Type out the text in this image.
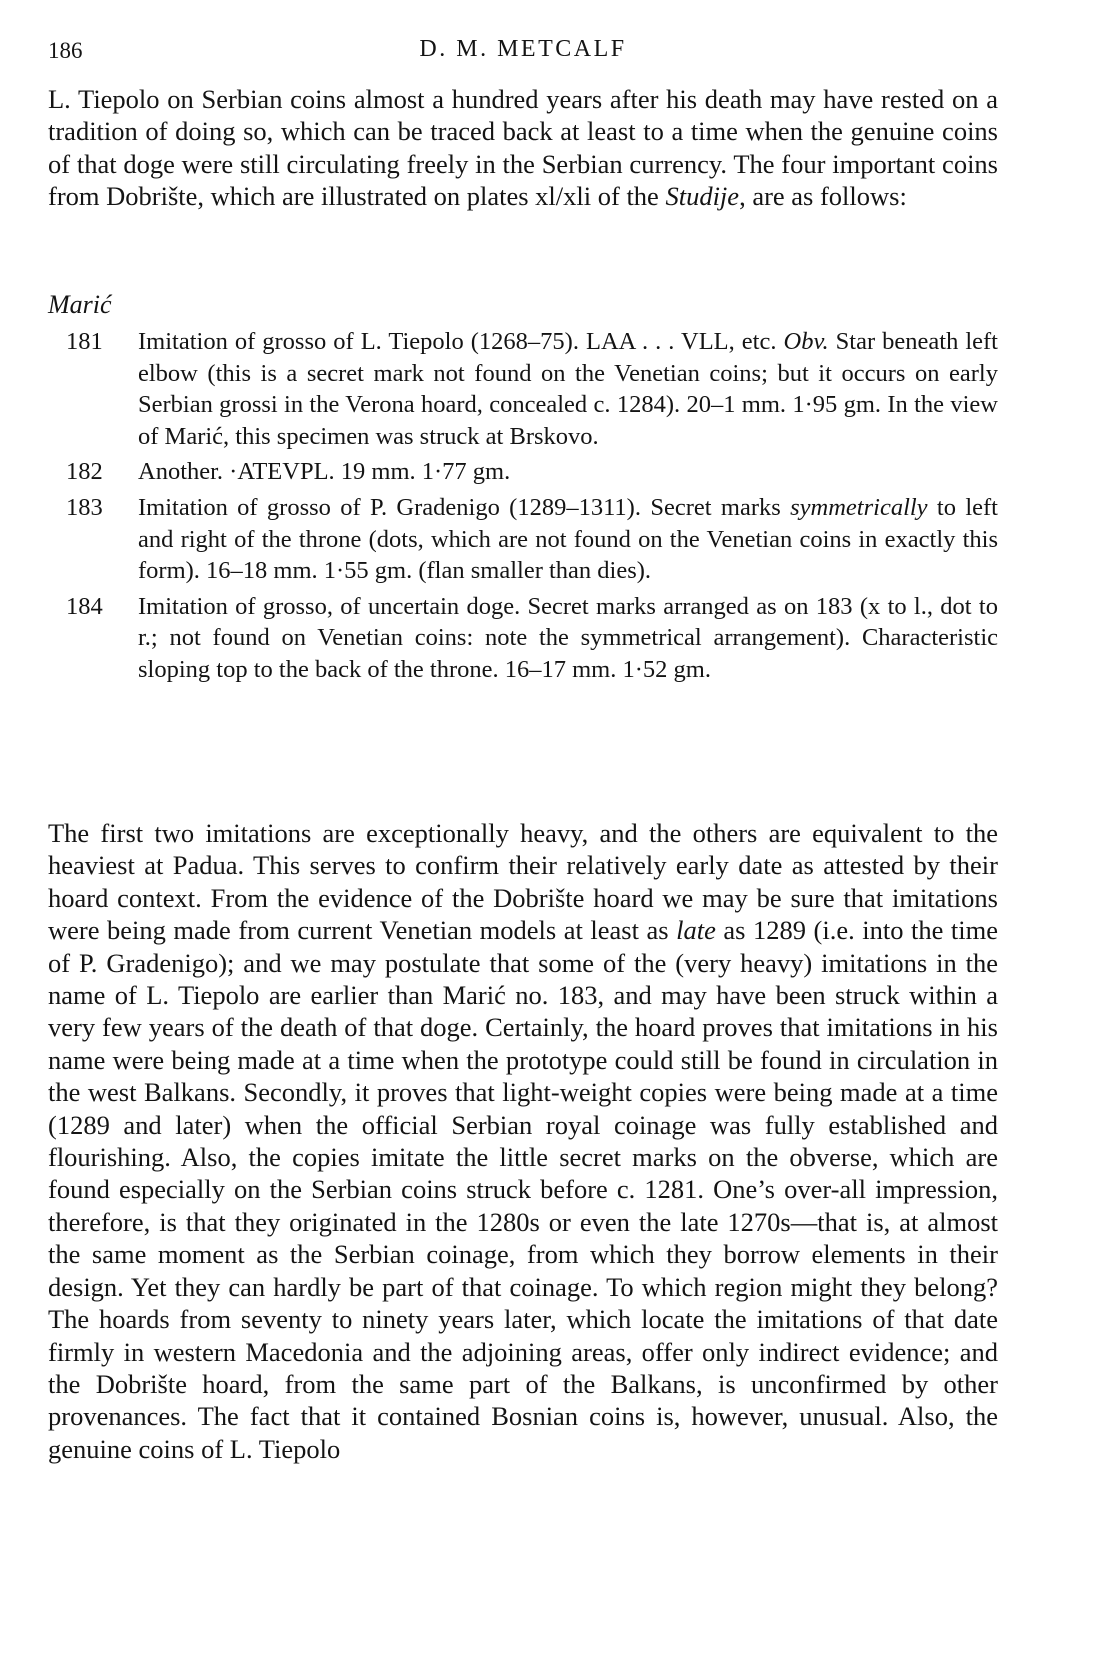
186	D. M. METCALF

L. Tiepolo on Serbian coins almost a hundred years after his death may have rested on a tradition of doing so, which can be traced back at least to a time when the genuine coins of that doge were still circulating freely in the Serbian currency. The four important coins from Dobrište, which are illustrated on plates xl/xli of the Studije, are as follows:

Marić
181 Imitation of grosso of L. Tiepolo (1268–75). LAA . . . VLL, etc. Obv. Star beneath left elbow (this is a secret mark not found on the Venetian coins; but it occurs on early Serbian grossi in the Verona hoard, concealed c. 1284). 20–1 mm. 1·95 gm. In the view of Marić, this specimen was struck at Brskovo.
182 Another. ·ATEVPL. 19 mm. 1·77 gm.
183 Imitation of grosso of P. Gradenigo (1289–1311). Secret marks symmetrically to left and right of the throne (dots, which are not found on the Venetian coins in exactly this form). 16–18 mm. 1·55 gm. (flan smaller than dies).
184 Imitation of grosso, of uncertain doge. Secret marks arranged as on 183 (x to l., dot to r.; not found on Venetian coins: note the symmetrical arrangement). Characteristic sloping top to the back of the throne. 16–17 mm. 1·52 gm.

The first two imitations are exceptionally heavy, and the others are equivalent to the heaviest at Padua. This serves to confirm their relatively early date as attested by their hoard context. From the evidence of the Dobrište hoard we may be sure that imitations were being made from current Venetian models at least as late as 1289 (i.e. into the time of P. Gradenigo); and we may postulate that some of the (very heavy) imitations in the name of L. Tiepolo are earlier than Marić no. 183, and may have been struck within a very few years of the death of that doge. Certainly, the hoard proves that imitations in his name were being made at a time when the prototype could still be found in circulation in the west Balkans. Secondly, it proves that light-weight copies were being made at a time (1289 and later) when the official Serbian royal coinage was fully established and flourishing. Also, the copies imitate the little secret marks on the obverse, which are found especially on the Serbian coins struck before c. 1281. One’s over-all impression, therefore, is that they originated in the 1280s or even the late 1270s—that is, at almost the same moment as the Serbian coinage, from which they borrow elements in their design. Yet they can hardly be part of that coinage. To which region might they belong? The hoards from seventy to ninety years later, which locate the imitations of that date firmly in western Macedonia and the adjoining areas, offer only indirect evidence; and the Dobrište hoard, from the same part of the Balkans, is unconfirmed by other provenances. The fact that it contained Bosnian coins is, however, unusual. Also, the genuine coins of L. Tiepolo
